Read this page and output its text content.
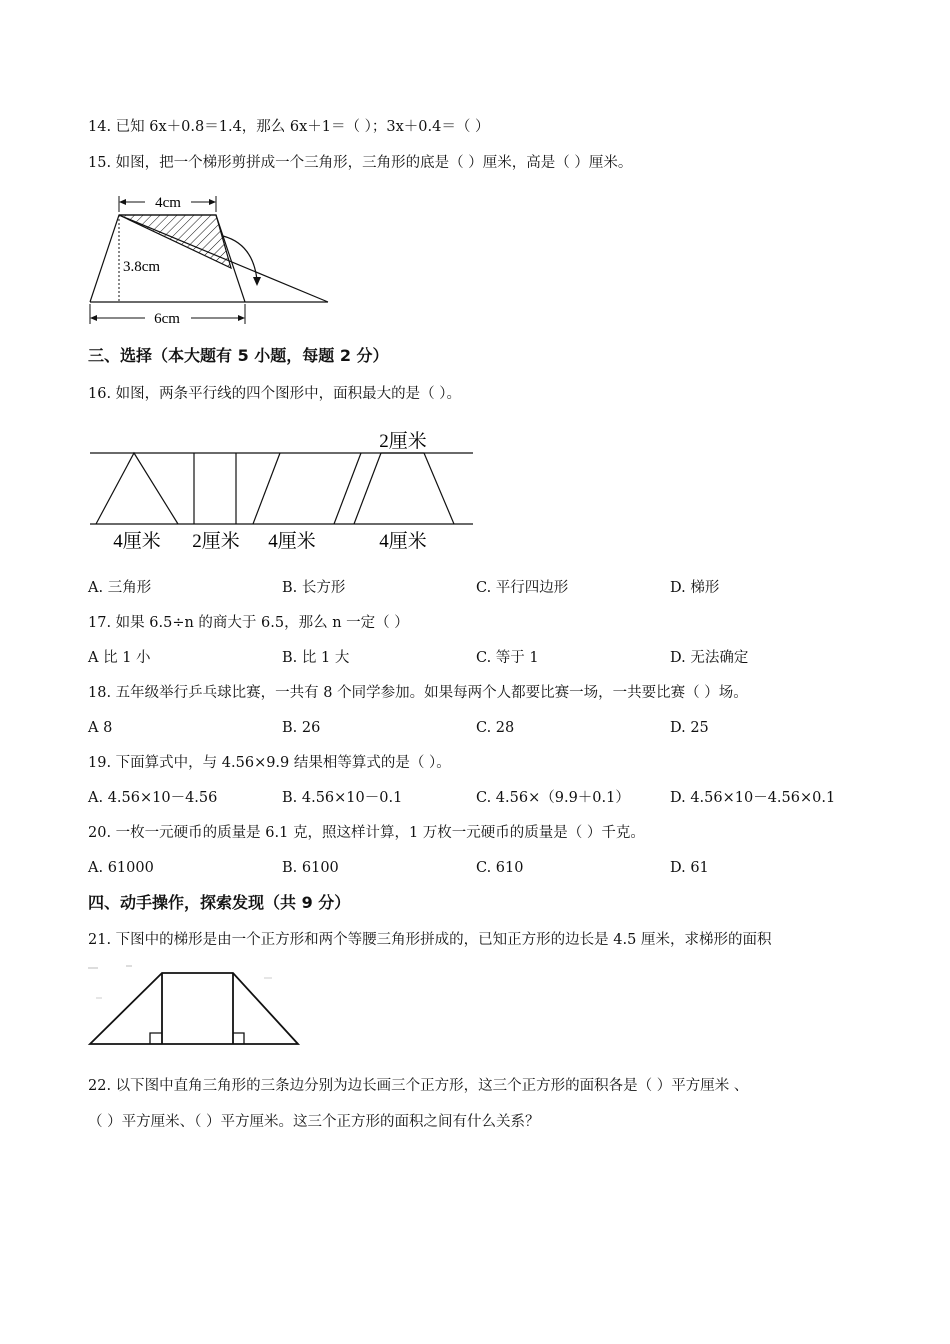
14. 已知 6x＋0.8＝1.4，那么 6x＋1＝（ ）；3x＋0.4＝（ ）
15. 如图，把一个梯形剪拼成一个三角形，三角形的底是（ ）厘米，高是（ ）厘米。
4cm
3.8cm
6cm
三、选择（本大题有 5 小题，每题 2 分）
16. 如图，两条平行线的四个图形中，面积最大的是（ ）。
2厘米
4厘米 2厘米 4厘米	4厘米
A. 三角形	B. 长方形	C. 平行四边形	D. 梯形
17. 如果 6.5÷n 的商大于 6.5，那么 n 一定（ ）
A 比 1 小	B. 比 1 大	C. 等于 1	D. 无法确定
18. 五年级举行乒乓球比赛，一共有 8 个同学参加。如果每两个人都要比赛一场，一共要比赛（ ）场。
A 8	B. 26	C. 28	D. 25
19. 下面算式中，与 4.56×9.9 结果相等算式的是（ ）。
A. 4.56×10－4.56	B. 4.56×10－0.1	C. 4.56×（9.9＋0.1）	D. 4.56×10－4.56×0.1
20. 一枚一元硬币的质量是 6.1 克，照这样计算，1 万枚一元硬币的质量是（ ）千克。
A. 61000	B. 6100	C. 610	D. 61
四、动手操作，探索发现（共 9 分）
21. 下图中的梯形是由一个正方形和两个等腰三角形拼成的，已知正方形的边长是 4.5 厘米，求梯形的面积
22. 以下图中直角三角形的三条边分别为边长画三个正方形，这三个正方形的面积各是（ ）平方厘米 、
（ ）平方厘米、（ ）平方厘米。这三个正方形的面积之间有什么关系？
